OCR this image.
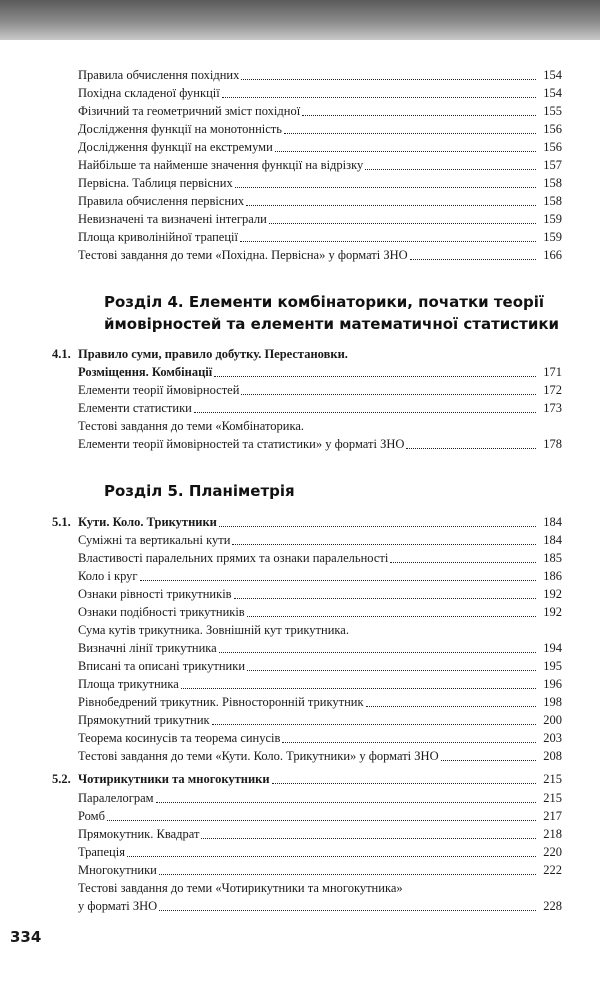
Правила обчислення похідних	154
Похідна складеної функції	154
Фізичний та геометричний зміст похідної	155
Дослідження функції на монотонність	156
Дослідження функції на екстремуми	156
Найбільше та найменше значення функції на відрізку	157
Первісна. Таблиця первісних	158
Правила обчислення первісних	158
Невизначені та визначені інтеграли	159
Площа криволінійної трапеції	159
Тестові завдання до теми «Похідна. Первісна» у форматі ЗНО	166
Розділ 4. Елементи комбінаторики, початки теорії
ймовірностей та елементи математичної статистики
4.1. Правило суми, правило добутку. Перестановки.
Розміщення. Комбінації	171
Елементи теорії ймовірностей	172
Елементи статистики	173
Тестові завдання до теми «Комбінаторика.
Елементи теорії ймовірностей та статистики» у форматі ЗНО	178
Розділ 5. Планіметрія
5.1. Кути. Коло. Трикутники	184
Суміжні та вертикальні кути	184
Властивості паралельних прямих та ознаки паралельності	185
Коло і круг	186
Ознаки рівності трикутників	192
Ознаки подібності трикутників	192
Сума кутів трикутника. Зовнішній кут трикутника.
Визначні лінії трикутника	194
Вписані та описані трикутники	195
Площа трикутника	196
Рівнобедрений трикутник. Рівносторонній трикутник	198
Прямокутний трикутник	200
Теорема косинусів та теорема синусів	203
Тестові завдання до теми «Кути. Коло. Трикутники» у форматі ЗНО	208
5.2. Чотирикутники та многокутники	215
Паралелограм	215
Ромб	217
Прямокутник. Квадрат	218
Трапеція	220
Многокутники	222
Тестові завдання до теми «Чотирикутники та многокутника»
у форматі ЗНО	228
334
